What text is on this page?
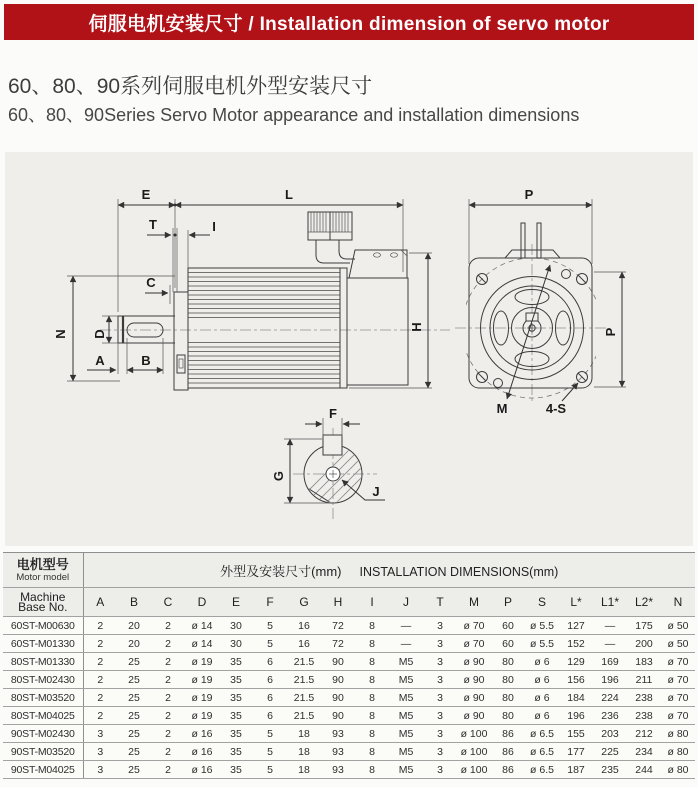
伺服电机安装尺寸 / Installation dimension of servo motor
60、80、90系列伺服电机外型安装尺寸
60、80、90Series Servo Motor appearance and installation dimensions
E	L
T	I
C
N D
A	B
H
P
P
M	4-S
G
F
J
电机型号
Motor model	外型及安装尺寸(mm) INSTALLATION DIMENSIONS(mm)																	

Machine
Base No.	A	B	C	D	E	F	G	H	I	J	T	M	P	S	L*	L1*	L2*	N
60ST-M00630	2	20	2	ø 14	30	5	16	72	8	—	3	ø 70	60	ø 5.5	127	—	175	ø 50
60ST-M01330	2	20	2	ø 14	30	5	16	72	8	—	3	ø 70	60	ø 5.5	152	—	200	ø 50
80ST-M01330	2	25	2	ø 19	35	6	21.5	90	8	M5	3	ø 90	80	ø 6	129	169	183	ø 70
80ST-M02430	2	25	2	ø 19	35	6	21.5	90	8	M5	3	ø 90	80	ø 6	156	196	211	ø 70
80ST-M03520	2	25	2	ø 19	35	6	21.5	90	8	M5	3	ø 90	80	ø 6	184	224	238	ø 70
80ST-M04025	2	25	2	ø 19	35	6	21.5	90	8	M5	3	ø 90	80	ø 6	196	236	238	ø 70
90ST-M02430	3	25	2	ø 16	35	5	18	93	8	M5	3	ø 100	86	ø 6.5	155	203	212	ø 80
90ST-M03520	3	25	2	ø 16	35	5	18	93	8	M5	3	ø 100	86	ø 6.5	177	225	234	ø 80
90ST-M04025	3	25	2	ø 16	35	5	18	93	8	M5	3	ø 100	86	ø 6.5	187	235	244	ø 80
